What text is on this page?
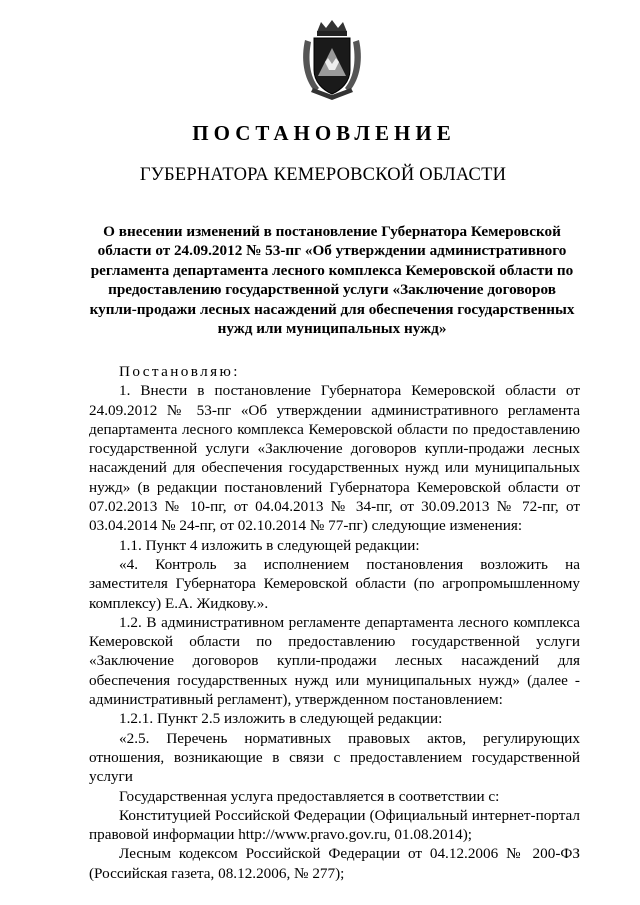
ПОСТАНОВЛЕНИЕ
ГУБЕРНАТОРА КЕМЕРОВСКОЙ ОБЛАСТИ
О внесении изменений в постановление Губернатора Кемеровской области от 24.09.2012 № 53-пг «Об утверждении административного регламента департамента лесного комплекса Кемеровской области по предоставлению государственной услуги «Заключение договоров купли-продажи лесных насаждений для обеспечения государственных нужд или муниципальных нужд»

Постановляю:

1. Внести в постановление Губернатора Кемеровской области от 24.09.2012 № 53-пг «Об утверждении административного регламента департамента лесного комплекса Кемеровской области по предоставлению государственной услуги «Заключение договоров купли-продажи лесных насаждений для обеспечения государственных нужд или муниципальных нужд» (в редакции постановлений Губернатора Кемеровской области от 07.02.2013 № 10-пг, от 04.04.2013 № 34-пг, от 30.09.2013 № 72-пг, от 03.04.2014 № 24-пг, от 02.10.2014 № 77-пг) следующие изменения:

1.1. Пункт 4 изложить в следующей редакции:

«4. Контроль за исполнением постановления возложить на заместителя Губернатора Кемеровской области (по агропромышленному комплексу) Е.А. Жидкову.».

1.2. В административном регламенте департамента лесного комплекса Кемеровской области по предоставлению государственной услуги «Заключение договоров купли-продажи лесных насаждений для обеспечения государственных нужд или муниципальных нужд» (далее - административный регламент), утвержденном постановлением:

1.2.1. Пункт 2.5 изложить в следующей редакции:

«2.5. Перечень нормативных правовых актов, регулирующих отношения, возникающие в связи с предоставлением государственной услуги

Государственная услуга предоставляется в соответствии с:

Конституцией Российской Федерации (Официальный интернет-портал правовой информации http://www.pravo.gov.ru, 01.08.2014);

Лесным кодексом Российской Федерации от 04.12.2006 № 200-ФЗ (Российская газета, 08.12.2006, № 277);
